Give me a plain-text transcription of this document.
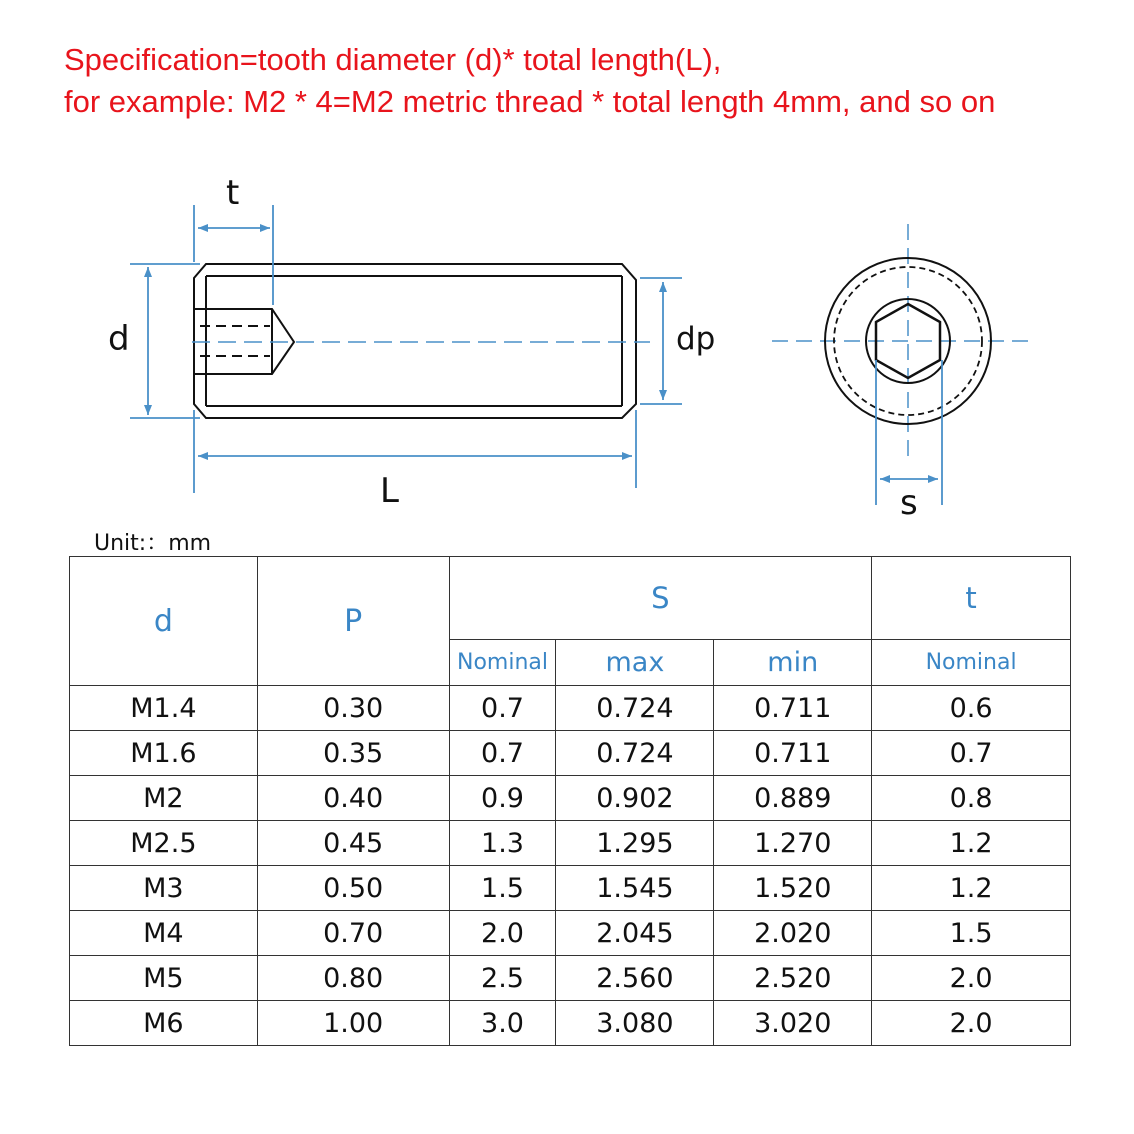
Specification=tooth diameter (d)* total length(L),
for example: M2 * 4=M2 metric thread * total length 4mm, and so on
t
d	dp
L	s
Unit:：mm
d	P	S			t
		Nominal	max	min	Nominal
M1.4	0.30	0.7	0.724	0.711	0.6
M1.6	0.35	0.7	0.724	0.711	0.7
M2	0.40	0.9	0.902	0.889	0.8
M2.5	0.45	1.3	1.295	1.270	1.2
M3	0.50	1.5	1.545	1.520	1.2
M4	0.70	2.0	2.045	2.020	1.5
M5	0.80	2.5	2.560	2.520	2.0
M6	1.00	3.0	3.080	3.020	2.0
